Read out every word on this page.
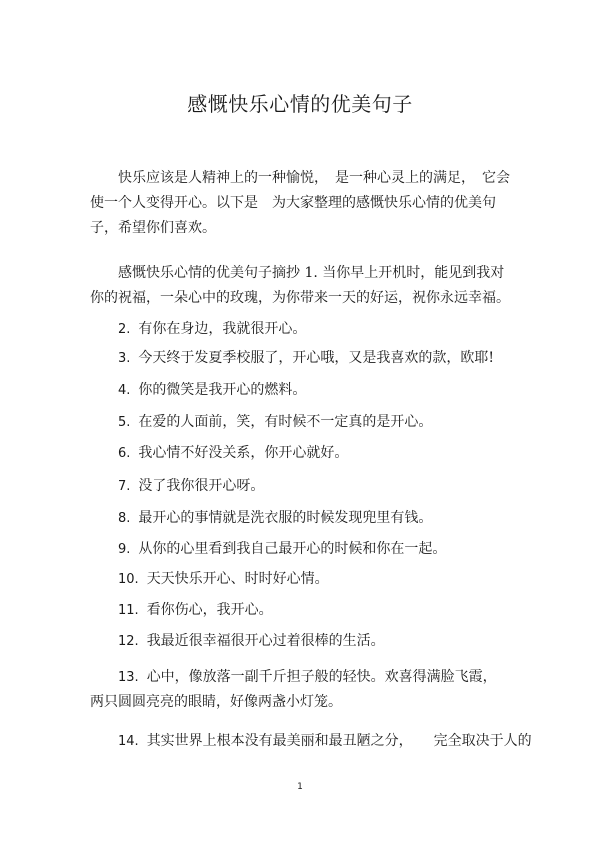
感慨快乐心情的优美句子

快乐应该是人精神上的一种愉悦，　是一种心灵上的满足，　它会使一个人变得开心。以下是　为大家整理的感慨快乐心情的优美句子，希望你们喜欢。

感慨快乐心情的优美句子摘抄 1. 当你早上开机时，能见到我对你的祝福，一朵心中的玫瑰，为你带来一天的好运，祝你永远幸福。

2. 有你在身边，我就很开心。

3. 今天终于发夏季校服了，开心哦，又是我喜欢的款，欧耶!

4. 你的微笑是我开心的燃料。

5. 在爱的人面前，笑，有时候不一定真的是开心。

6. 我心情不好没关系，你开心就好。

7. 没了我你很开心呀。

8. 最开心的事情就是洗衣服的时候发现兜里有钱。

9. 从你的心里看到我自己最开心的时候和你在一起。

10. 天天快乐开心、时时好心情。

11. 看你伤心，我开心。

12. 我最近很幸福很开心过着很棒的生活。

13. 心中，像放落一副千斤担子般的轻快。欢喜得满脸飞霞，两只圆圆亮亮的眼睛，好像两盏小灯笼。

14. 其实世界上根本没有最美丽和最丑陋之分，　　完全取决于人的

1
